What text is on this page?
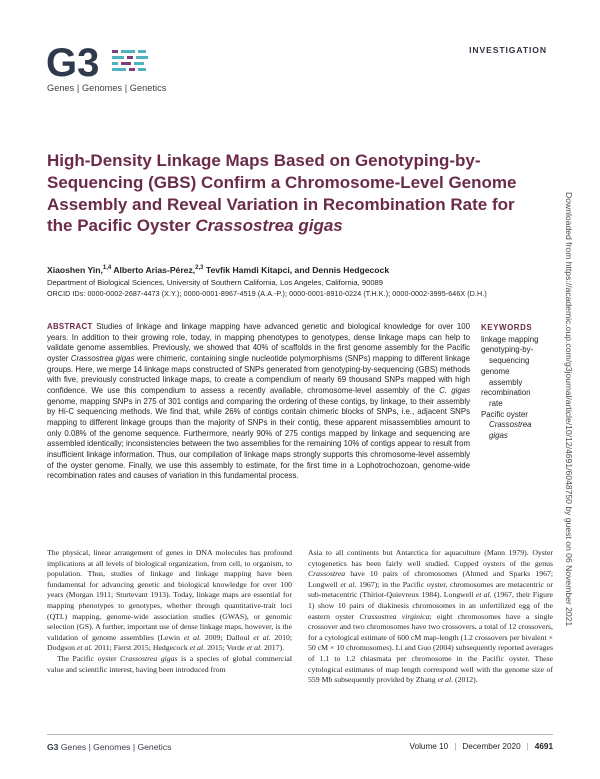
G3
Genes | Genomes | Genetics
INVESTIGATION
Downloaded from https://academic.oup.com/g3journal/article/10/12/4691/6048750 by guest on 06 November 2021
High-Density Linkage Maps Based on Genotyping-by-Sequencing (GBS) Confirm a Chromosome-Level Genome Assembly and Reveal Variation in Recombination Rate for the Pacific Oyster Crassostrea gigas
Xiaoshen Yin,$^{1,4}$ Alberto Arias-Pérez,$^{2,3}$ Tevfik Hamdi Kitapci, and Dennis Hedgecock
Department of Biological Sciences, University of Southern California, Los Angeles, California, 90089
ORCID IDs: 0000-0002-2687-4473 (X.Y.); 0000-0001-8967-4519 (A.A.-P.); 0000-0001-8910-0224 (T.H.K.); 0000-0002-3995-646X (D.H.)
ABSTRACT Studies of linkage and linkage mapping have advanced genetic and biological knowledge for over 100 years. In addition to their growing role, today, in mapping phenotypes to genotypes, dense linkage maps can help to validate genome assemblies. Previously, we showed that 40% of scaffolds in the first genome assembly for the Pacific oyster Crassostrea gigas were chimeric, containing single nucleotide polymorphisms (SNPs) mapping to different linkage groups. Here, we merge 14 linkage maps constructed of SNPs generated from genotyping-by-sequencing (GBS) methods with five, previously constructed linkage maps, to create a compendium of nearly 69 thousand SNPs mapped with high confidence. We use this compendium to assess a recently available, chromosome-level assembly of the C. gigas genome, mapping SNPs in 275 of 301 contigs and comparing the ordering of these contigs, by linkage, to their assembly by Hi-C sequencing methods. We find that, while 26% of contigs contain chimeric blocks of SNPs, i.e., adjacent SNPs mapping to different linkage groups than the majority of SNPs in their contig, these apparent misassemblies amount to only 0.08% of the genome sequence. Furthermore, nearly 90% of 275 contigs mapped by linkage and sequencing are assembled identically; inconsistencies between the two assemblies for the remaining 10% of contigs appear to result from insufficient linkage information. Thus, our compilation of linkage maps strongly supports this chromosome-level assembly of the oyster genome. Finally, we use this assembly to estimate, for the first time in a Lophotrochozoan, genome-wide recombination rates and causes of variation in this fundamental process.
KEYWORDS
linkage mapping
genotyping-by-
sequencing
genome
assembly
recombination
rate
Pacific oyster
Crassostrea
gigas

The physical, linear arrangement of genes in DNA molecules has profound implications at all levels of biological organization, from cell, to organism, to population. Thus, studies of linkage and linkage mapping have been fundamental for advancing genetic and biological knowledge for over 100 years (Morgan 1911; Sturtevant 1913). Today, linkage maps are essential for mapping phenotypes to genotypes, whether through quantitative-trait loci (QTL) mapping, genome-wide association studies (GWAS), or genomic selection (GS). A further, important use of dense linkage maps, however, is the validation of genome assemblies (Lewin et al. 2009; Dalloul et al. 2010; Dodgson et al. 2011; Fierst 2015; Hedgecock et al. 2015; Verde et al. 2017).

The Pacific oyster Crassostrea gigas is a species of global commercial value and scientific interest, having been introduced from

Asia to all continents but Antarctica for aquaculture (Mann 1979). Oyster cytogenetics has been fairly well studied. Cupped oysters of the genus Crassostrea have 10 pairs of chromosomes (Ahmed and Sparks 1967; Longwell et al. 1967); in the Pacific oyster, chromosomes are metacentric or sub-metacentric (Thiriot-Quievreux 1984). Longwell et al. (1967, their Figure 1) show 10 pairs of diakinesis chromosomes in an unfertilized egg of the eastern oyster Crassostrea virginica; eight chromosomes have a single crossover and two chromosomes have two crossovers, a total of 12 crossovers, for a cytological estimate of 600 cM map-length (1.2 crossovers per bivalent × 50 cM × 10 chromosomes). Li and Guo (2004) subsequently reported averages of 1.1 to 1.2 chiasmata per chromosome in the Pacific oyster. These cytological estimates of map length correspond well with the genome size of 559 Mb subsequently provided by Zhang et al. (2012).

G3 Genes | Genomes | Genetics	Volume 10 | December 2020 | 4691
